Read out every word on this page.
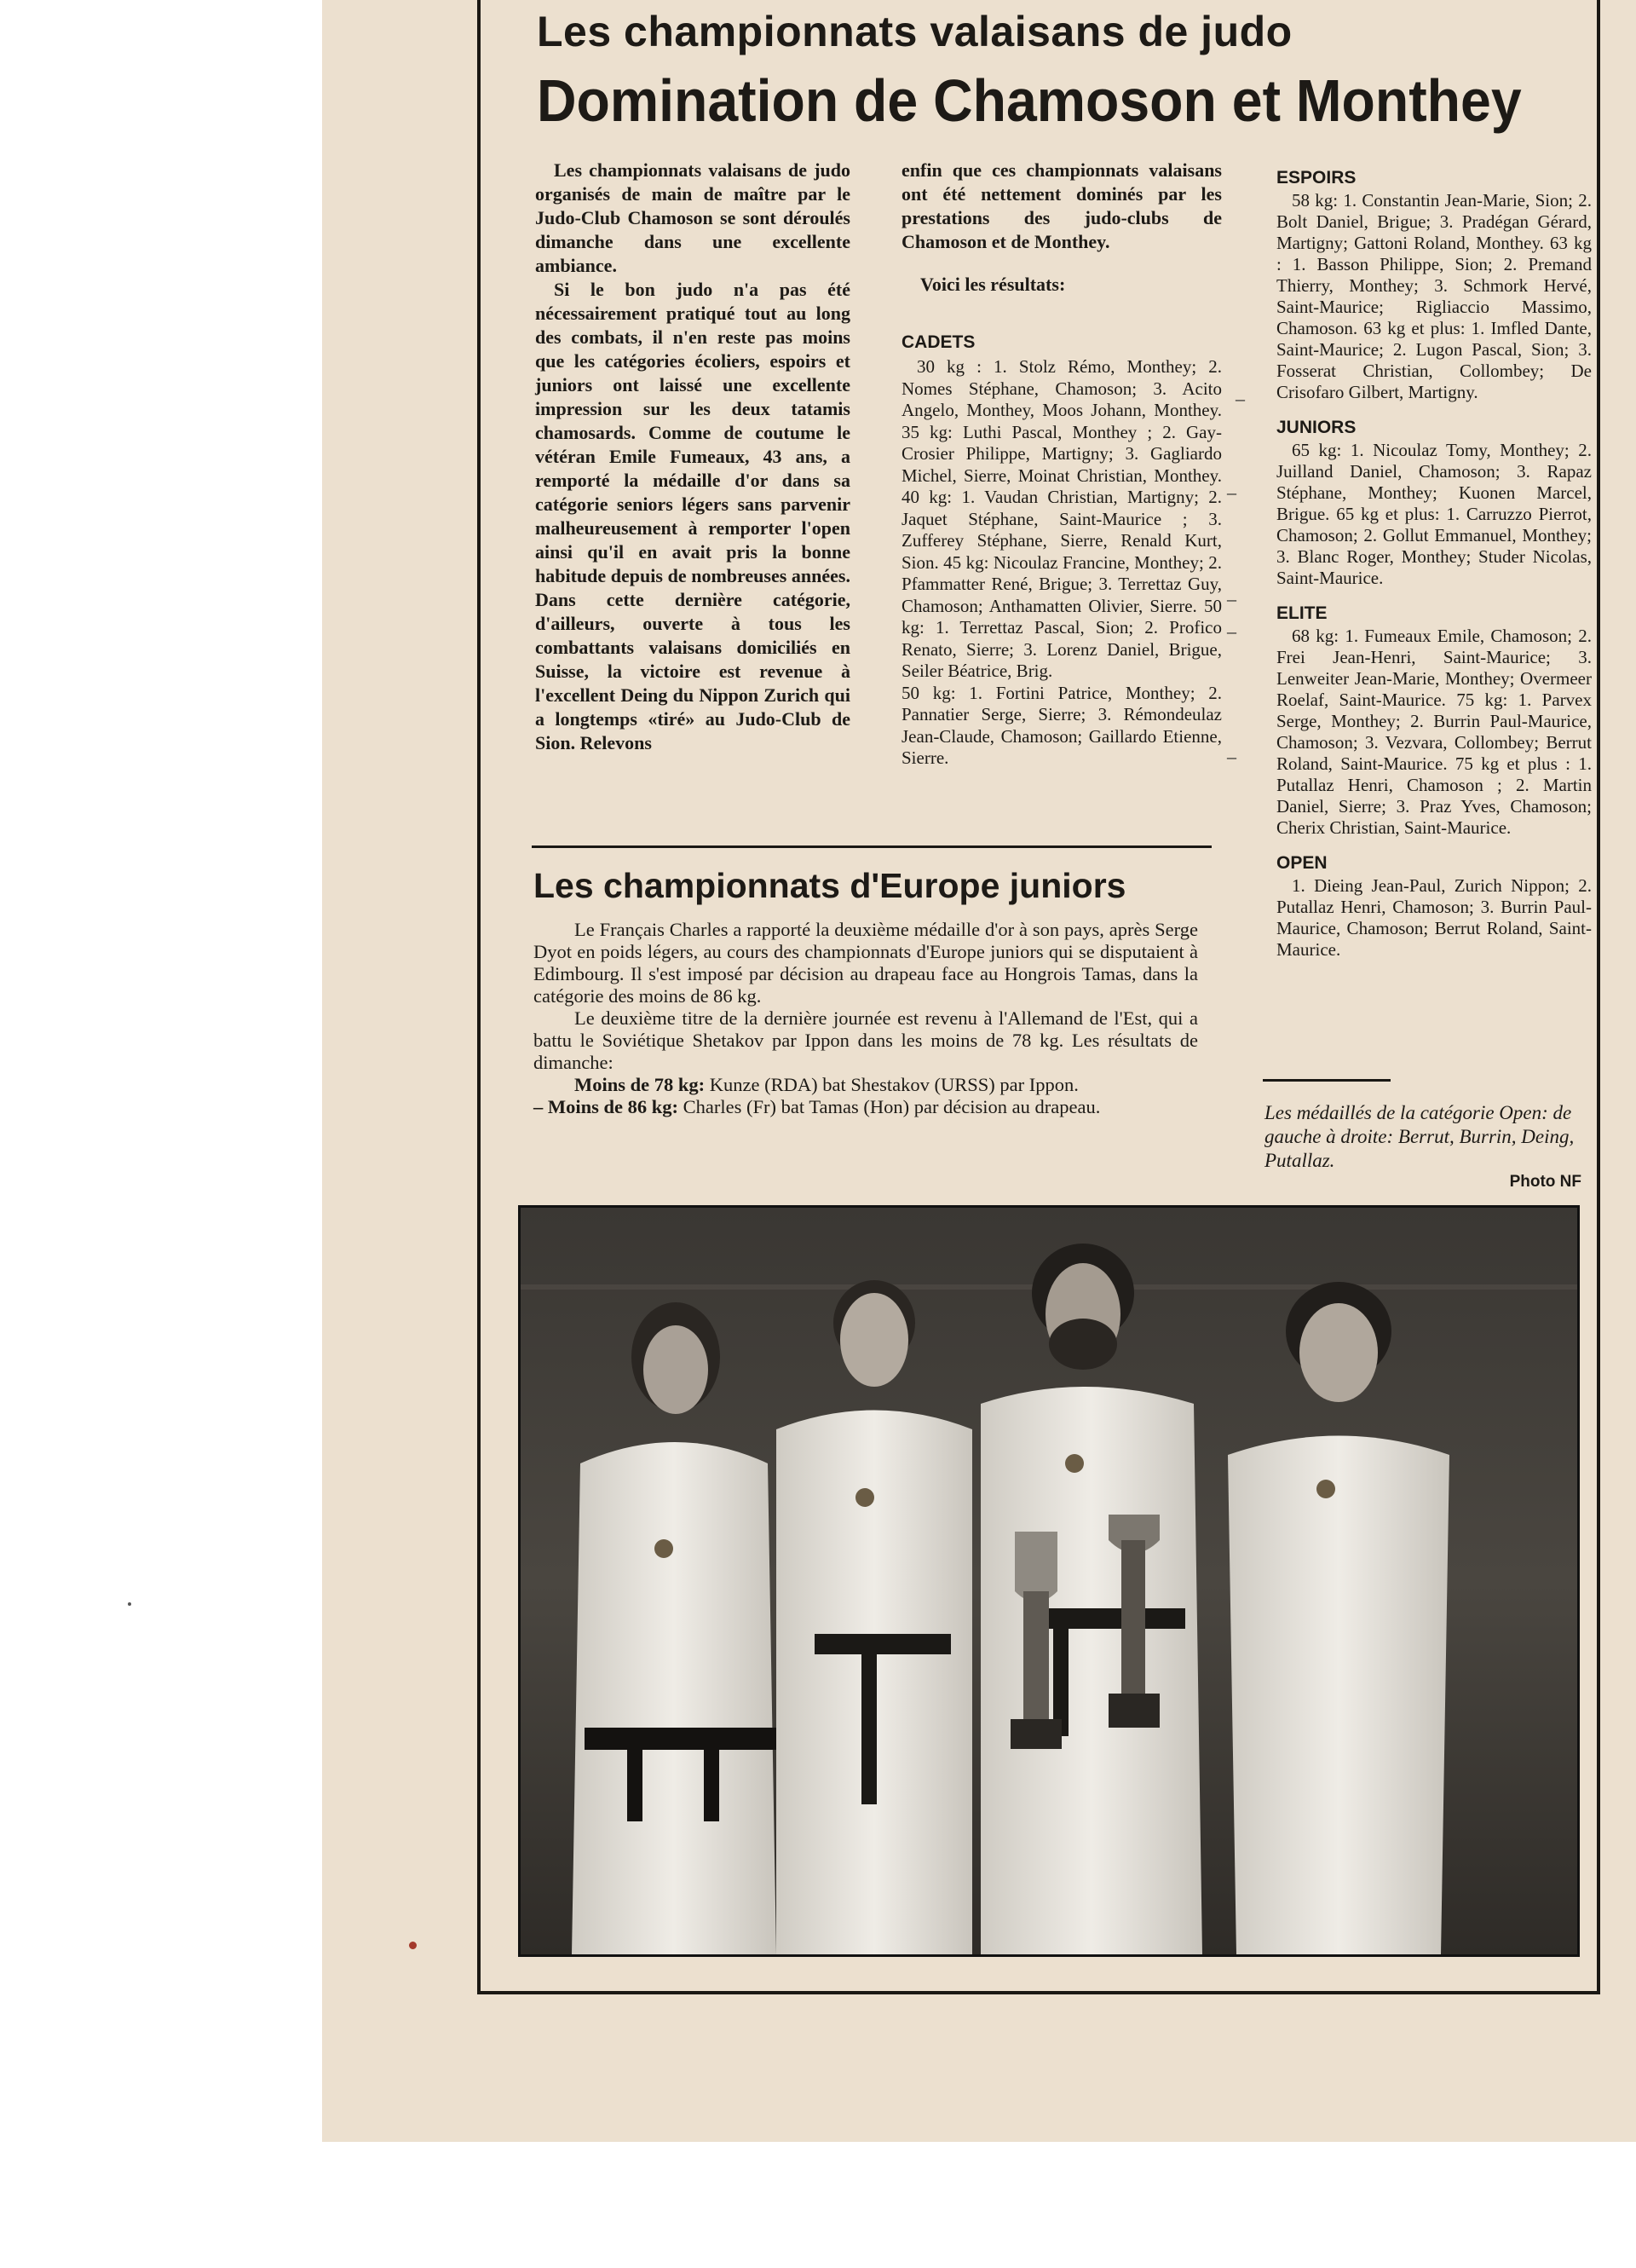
Les championnats valaisans de judo
Domination de Chamoson et Monthey

Les championnats valaisans de judo organisés de main de maître par le Judo-Club Chamoson se sont déroulés dimanche dans une excellente ambiance.

Si le bon judo n'a pas été nécessairement pratiqué tout au long des combats, il n'en reste pas moins que les catégories écoliers, espoirs et juniors ont laissé une excellente impression sur les deux tatamis chamosards. Comme de coutume le vétéran Emile Fumeaux, 43 ans, a remporté la médaille d'or dans sa catégorie seniors légers sans parvenir malheureusement à remporter l'open ainsi qu'il en avait pris la bonne habitude depuis de nombreuses années. Dans cette dernière catégorie, d'ailleurs, ouverte à tous les combattants valaisans domiciliés en Suisse, la victoire est revenue à l'excellent Deing du Nippon Zurich qui a longtemps «tiré» au Judo-Club de Sion. Relevons

enfin que ces championnats valaisans ont été nettement dominés par les prestations des judo-clubs de Chamoson et de Monthey.

Voici les résultats:

CADETS

30 kg : 1. Stolz Rémo, Monthey; 2. Nomes Stéphane, Chamoson; 3. Acito Angelo, Monthey, Moos Johann, Monthey. 35 kg: Luthi Pascal, Monthey ; 2. Gay-Crosier Philippe, Martigny; 3. Gagliardo Michel, Sierre, Moinat Christian, Monthey. 40 kg: 1. Vaudan Christian, Martigny; 2. Jaquet Stéphane, Saint-Maurice ; 3. Zufferey Stéphane, Sierre, Renald Kurt, Sion. 45 kg: Nicoulaz Francine, Monthey; 2. Pfammatter René, Brigue; 3. Terrettaz Guy, Chamoson; Anthamatten Olivier, Sierre. 50 kg: 1. Terrettaz Pascal, Sion; 2. Profico Renato, Sierre; 3. Lorenz Daniel, Brigue, Seiler Béatrice, Brig.

50 kg: 1. Fortini Patrice, Monthey; 2. Pannatier Serge, Sierre; 3. Rémondeulaz Jean-Claude, Chamoson; Gaillardo Etienne, Sierre.

ESPOIRS

58 kg: 1. Constantin Jean-Marie, Sion; 2. Bolt Daniel, Brigue; 3. Pradégan Gérard, Martigny; Gattoni Roland, Monthey. 63 kg : 1. Basson Philippe, Sion; 2. Premand Thierry, Monthey; 3. Schmork Hervé, Saint-Maurice; Rigliaccio Massimo, Chamoson. 63 kg et plus: 1. Imfled Dante, Saint-Maurice; 2. Lugon Pascal, Sion; 3. Fosserat Christian, Collombey; De Crisofaro Gilbert, Martigny.

JUNIORS

65 kg: 1. Nicoulaz Tomy, Monthey; 2. Juilland Daniel, Chamoson; 3. Rapaz Stéphane, Monthey; Kuonen Marcel, Brigue. 65 kg et plus: 1. Carruzzo Pierrot, Chamoson; 2. Gollut Emmanuel, Monthey; 3. Blanc Roger, Monthey; Studer Nicolas, Saint-Maurice.

ELITE

68 kg: 1. Fumeaux Emile, Chamoson; 2. Frei Jean-Henri, Saint-Maurice; 3. Lenweiter Jean-Marie, Monthey; Overmeer Roelaf, Saint-Maurice. 75 kg: 1. Parvex Serge, Monthey; 2. Burrin Paul-Maurice, Chamoson; 3. Vezvara, Collombey; Berrut Roland, Saint-Maurice. 75 kg et plus : 1. Putallaz Henri, Chamoson ; 2. Martin Daniel, Sierre; 3. Praz Yves, Chamoson; Cherix Christian, Saint-Maurice.

OPEN

1. Dieing Jean-Paul, Zurich Nippon; 2. Putallaz Henri, Chamoson; 3. Burrin Paul-Maurice, Chamoson; Berrut Roland, Saint-Maurice.

Les championnats d'Europe juniors

Le Français Charles a rapporté la deuxième médaille d'or à son pays, après Serge Dyot en poids légers, au cours des championnats d'Europe juniors qui se disputaient à Edimbourg. Il s'est imposé par décision au drapeau face au Hongrois Tamas, dans la catégorie des moins de 86 kg.

Le deuxième titre de la dernière journée est revenu à l'Allemand de l'Est, qui a battu le Soviétique Shetakov par Ippon dans les moins de 78 kg. Les résultats de dimanche:

Moins de 78 kg: Kunze (RDA) bat Shestakov (URSS) par Ippon.

– Moins de 86 kg: Charles (Fr) bat Tamas (Hon) par décision au drapeau.	Les médaillés de la catégorie Open: de gauche à droite: Berrut, Burrin, Deing, Putallaz.
Photo NF
–
–
–
–
–
